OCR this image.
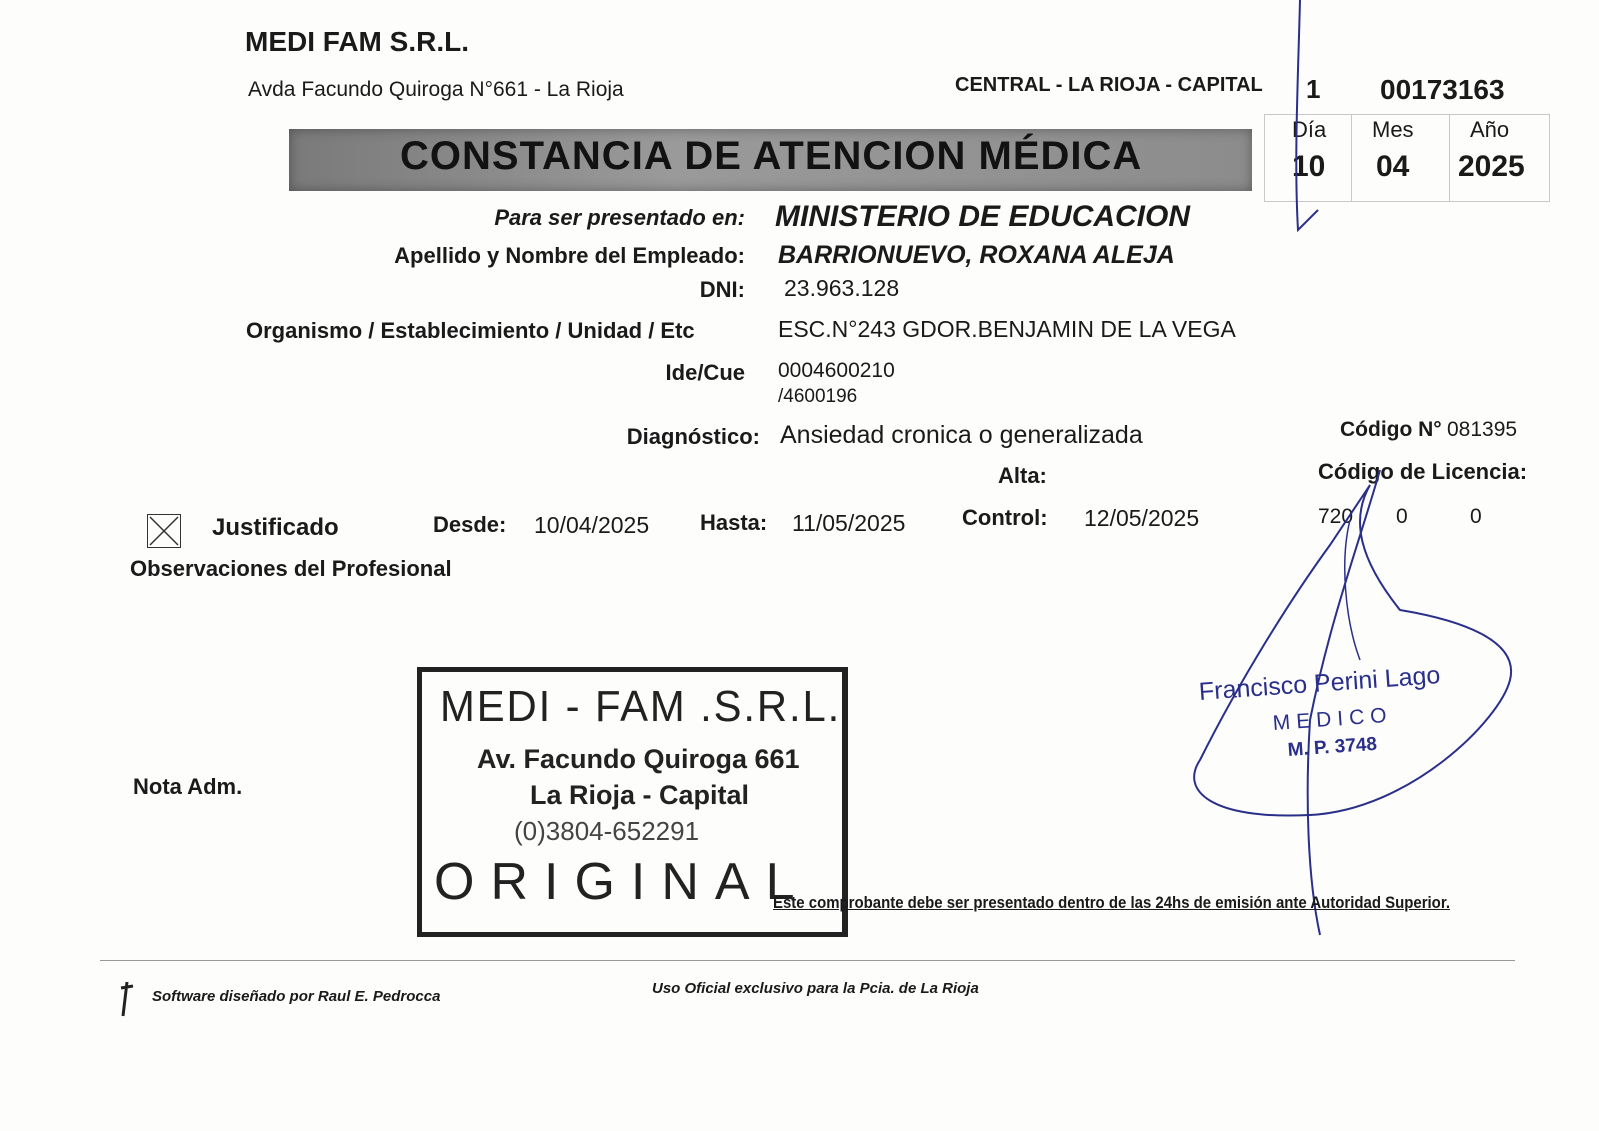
MEDI FAM S.R.L.
Avda Facundo Quiroga N°661 - La Rioja	CENTRAL - LA RIOJA - CAPITAL 1 00173163
CONSTANCIA DE ATENCION MÉDICA
Día Mes	Año
10 04 2025
Para ser presentado en: MINISTERIO DE EDUCACION
Apellido y Nombre del Empleado: BARRIONUEVO, ROXANA ALEJA
DNI: 23.963.128
Organismo / Establecimiento / Unidad / Etc	ESC.N°243 GDOR.BENJAMIN DE LA VEGA
Ide/Cue 0004600210
/4600196
Diagnóstico: Ansiedad cronica o generalizada	Código N° 081395
Alta:	Código de Licencia:
Justificado	Desde: 10/04/2025 Hasta: 11/05/2025	Control: 12/05/2025	720 0	0
Observaciones del Profesional
Nota Adm.
MEDI - FAM .S.R.L.
Av. Facundo Quiroga 661
La Rioja - Capital
(0)3804-652291
ORIGINAL
Francisco Perini Lago
MEDICO
M. P. 3748
Este comprobante debe ser presentado dentro de las 24hs de emisión ante Autoridad Superior.
Software diseñado por Raul E. Pedrocca	Uso Oficial exclusivo para la Pcia. de La Rioja
